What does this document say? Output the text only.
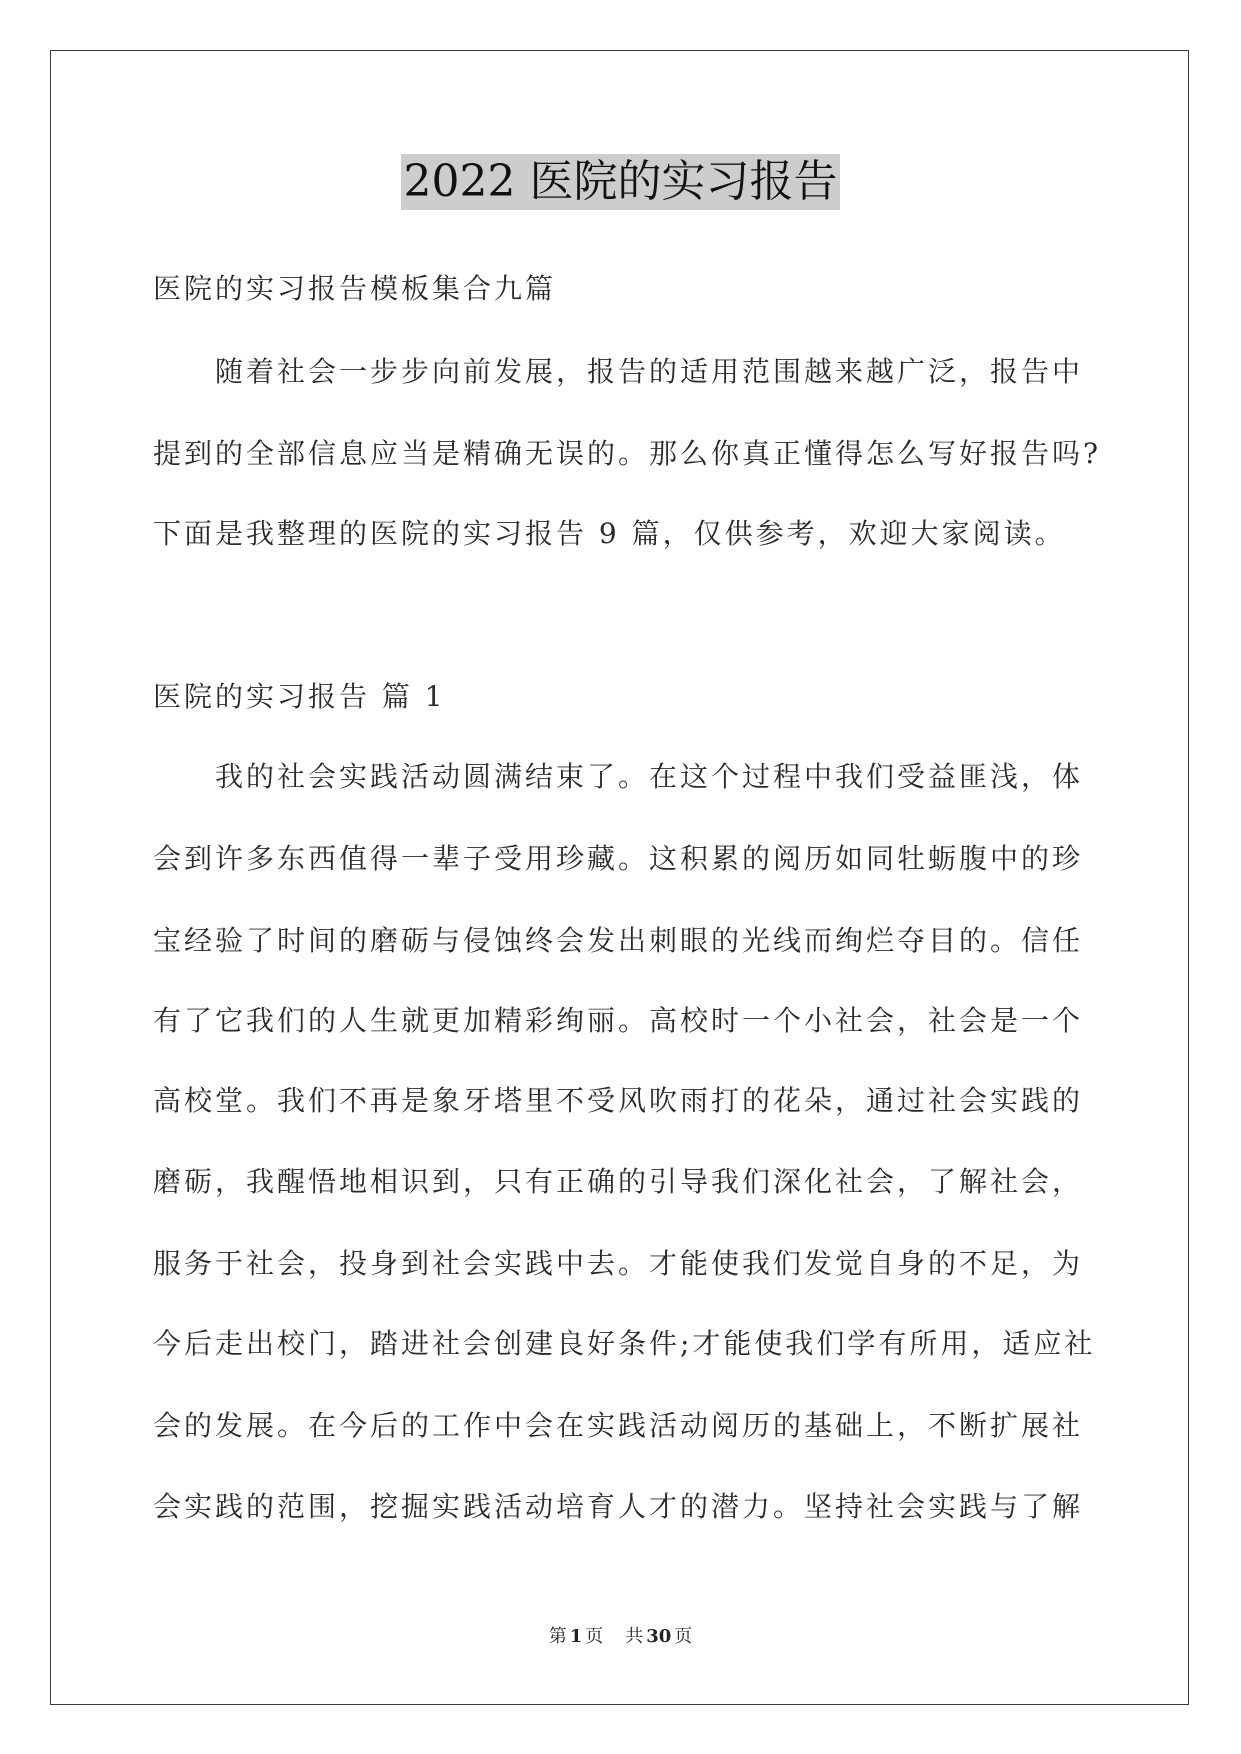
2022 医院的实习报告
医院的实习报告模板集合九篇
随着社会一步步向前发展，报告的适用范围越来越广泛，报告中
提到的全部信息应当是精确无误的。那么你真正懂得怎么写好报告吗?
下面是我整理的医院的实习报告 9 篇，仅供参考，欢迎大家阅读。
医院的实习报告 篇 1
我的社会实践活动圆满结束了。在这个过程中我们受益匪浅，体
会到许多东西值得一辈子受用珍藏。这积累的阅历如同牡蛎腹中的珍
宝经验了时间的磨砺与侵蚀终会发出刺眼的光线而绚烂夺目的。信任
有了它我们的人生就更加精彩绚丽。高校时一个小社会，社会是一个
高校堂。我们不再是象牙塔里不受风吹雨打的花朵，通过社会实践的
磨砺，我醒悟地相识到，只有正确的引导我们深化社会，了解社会，
服务于社会，投身到社会实践中去。才能使我们发觉自身的不足，为
今后走出校门，踏进社会创建良好条件;才能使我们学有所用，适应社
会的发展。在今后的工作中会在实践活动阅历的基础上，不断扩展社
会实践的范围，挖掘实践活动培育人才的潜力。坚持社会实践与了解
第 1 页 共 30 页
